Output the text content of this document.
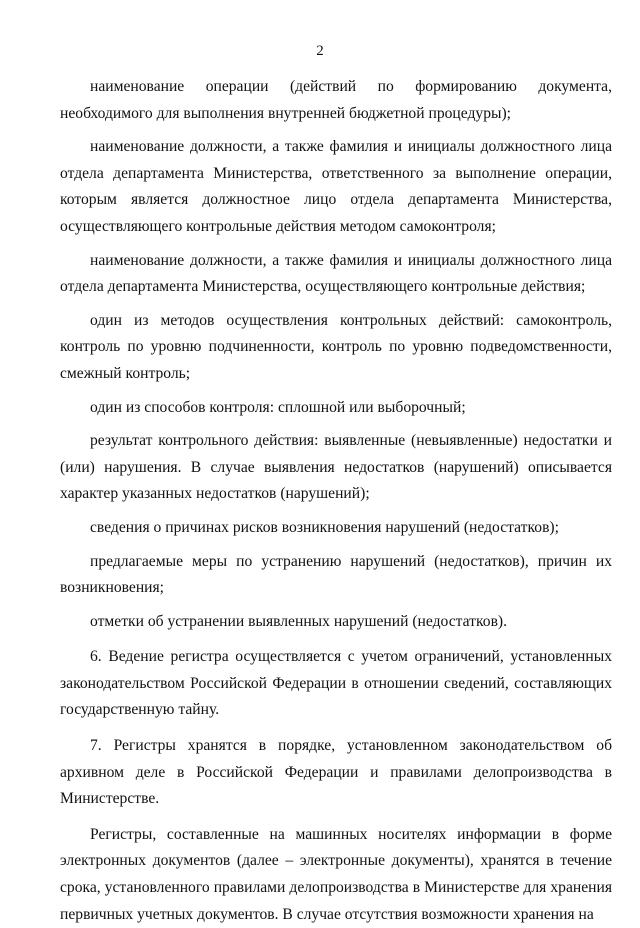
2

наименование операции (действий по формированию документа, необходимого для выполнения внутренней бюджетной процедуры);

наименование должности, а также фамилия и инициалы должностного лица отдела департамента Министерства, ответственного за выполнение операции, которым является должностное лицо отдела департамента Министерства, осуществляющего контрольные действия методом самоконтроля;

наименование должности, а также фамилия и инициалы должностного лица отдела департамента Министерства, осуществляющего контрольные действия;

один из методов осуществления контрольных действий: самоконтроль, контроль по уровню подчиненности, контроль по уровню подведомственности, смежный контроль;

один из способов контроля: сплошной или выборочный;

результат контрольного действия: выявленные (невыявленные) недостатки и (или) нарушения. В случае выявления недостатков (нарушений) описывается характер указанных недостатков (нарушений);

сведения о причинах рисков возникновения нарушений (недостатков);

предлагаемые меры по устранению нарушений (недостатков), причин их возникновения;

отметки об устранении выявленных нарушений (недостатков).

6. Ведение регистра осуществляется с учетом ограничений, установленных законодательством Российской Федерации в отношении сведений, составляющих государственную тайну.

7. Регистры хранятся в порядке, установленном законодательством об архивном деле в Российской Федерации и правилами делопроизводства в Министерстве.

Регистры, составленные на машинных носителях информации в форме электронных документов (далее – электронные документы), хранятся в течение срока, установленного правилами делопроизводства в Министерстве для хранения первичных учетных документов. В случае отсутствия возможности хранения на
